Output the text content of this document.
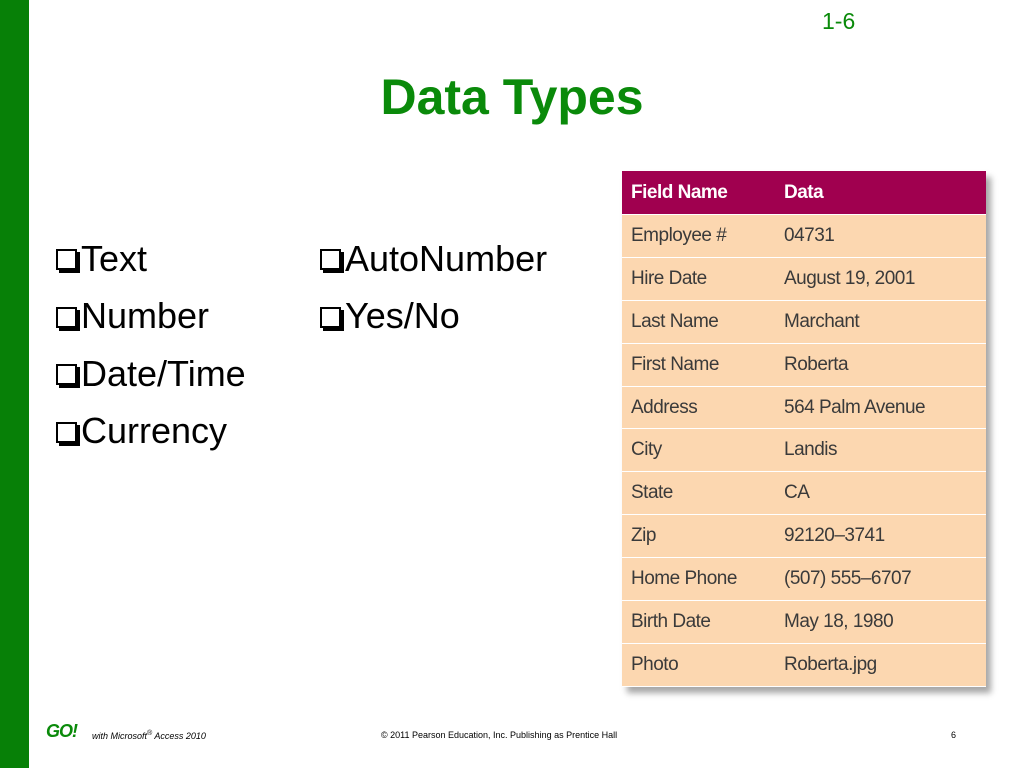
1-6
Data Types
Text
Number
Date/Time
Currency
AutoNumber
Yes/No
Field Name	Data
Employee #	04731
Hire Date	August 19, 2001
Last Name	Marchant
First Name	Roberta
Address	564 Palm Avenue
City	Landis
State	CA
Zip	92120–3741
Home Phone	(507) 555–6707
Birth Date	May 18, 1980
Photo	Roberta.jpg
GO! with Microsoft® Access 2010	© 2011 Pearson Education, Inc. Publishing as Prentice Hall	6
